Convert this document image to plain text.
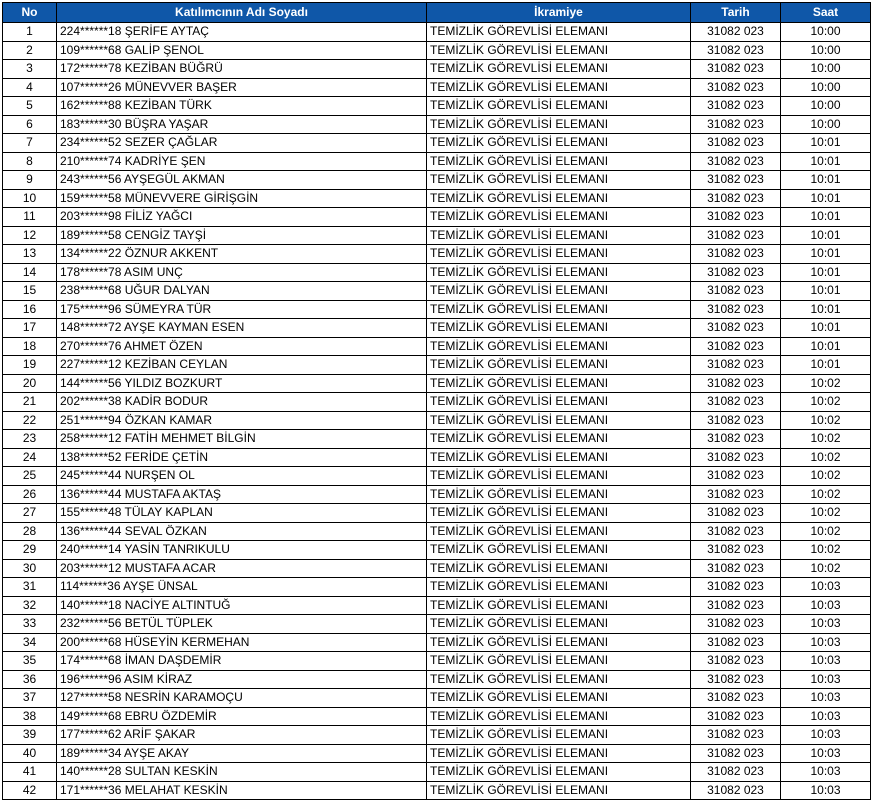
No	Katılımcının Adı Soyadı	İkramiye	Tarih	Saat
1	224******18 ŞERİFE AYTAÇ	TEMİZLİK GÖREVLİSİ ELEMANI	31082 023	10:00
2	109******68 GALİP ŞENOL	TEMİZLİK GÖREVLİSİ ELEMANI	31082 023	10:00
3	172******78 KEZİBAN BÜĞRÜ	TEMİZLİK GÖREVLİSİ ELEMANI	31082 023	10:00
4	107******26 MÜNEVVER BAŞER	TEMİZLİK GÖREVLİSİ ELEMANI	31082 023	10:00
5	162******88 KEZİBAN TÜRK	TEMİZLİK GÖREVLİSİ ELEMANI	31082 023	10:00
6	183******30 BÜŞRA YAŞAR	TEMİZLİK GÖREVLİSİ ELEMANI	31082 023	10:00
7	234******52 SEZER ÇAĞLAR	TEMİZLİK GÖREVLİSİ ELEMANI	31082 023	10:01
8	210******74 KADRİYE ŞEN	TEMİZLİK GÖREVLİSİ ELEMANI	31082 023	10:01
9	243******56 AYŞEGÜL AKMAN	TEMİZLİK GÖREVLİSİ ELEMANI	31082 023	10:01
10	159******58 MÜNEVVERE GİRİŞGİN	TEMİZLİK GÖREVLİSİ ELEMANI	31082 023	10:01
11	203******98 FİLİZ YAĞCI	TEMİZLİK GÖREVLİSİ ELEMANI	31082 023	10:01
12	189******58 CENGİZ TAYŞİ	TEMİZLİK GÖREVLİSİ ELEMANI	31082 023	10:01
13	134******22 ÖZNUR AKKENT	TEMİZLİK GÖREVLİSİ ELEMANI	31082 023	10:01
14	178******78 ASIM UNÇ	TEMİZLİK GÖREVLİSİ ELEMANI	31082 023	10:01
15	238******68 UĞUR DALYAN	TEMİZLİK GÖREVLİSİ ELEMANI	31082 023	10:01
16	175******96 SÜMEYRA TÜR	TEMİZLİK GÖREVLİSİ ELEMANI	31082 023	10:01
17	148******72 AYŞE KAYMAN ESEN	TEMİZLİK GÖREVLİSİ ELEMANI	31082 023	10:01
18	270******76 AHMET ÖZEN	TEMİZLİK GÖREVLİSİ ELEMANI	31082 023	10:01
19	227******12 KEZİBAN CEYLAN	TEMİZLİK GÖREVLİSİ ELEMANI	31082 023	10:01
20	144******56 YILDIZ BOZKURT	TEMİZLİK GÖREVLİSİ ELEMANI	31082 023	10:02
21	202******38 KADİR BODUR	TEMİZLİK GÖREVLİSİ ELEMANI	31082 023	10:02
22	251******94 ÖZKAN KAMAR	TEMİZLİK GÖREVLİSİ ELEMANI	31082 023	10:02
23	258******12 FATİH MEHMET BİLGİN	TEMİZLİK GÖREVLİSİ ELEMANI	31082 023	10:02
24	138******52 FERİDE ÇETİN	TEMİZLİK GÖREVLİSİ ELEMANI	31082 023	10:02
25	245******44 NURŞEN OL	TEMİZLİK GÖREVLİSİ ELEMANI	31082 023	10:02
26	136******44 MUSTAFA AKTAŞ	TEMİZLİK GÖREVLİSİ ELEMANI	31082 023	10:02
27	155******48 TÜLAY KAPLAN	TEMİZLİK GÖREVLİSİ ELEMANI	31082 023	10:02
28	136******44 SEVAL ÖZKAN	TEMİZLİK GÖREVLİSİ ELEMANI	31082 023	10:02
29	240******14 YASİN TANRIKULU	TEMİZLİK GÖREVLİSİ ELEMANI	31082 023	10:02
30	203******12 MUSTAFA ACAR	TEMİZLİK GÖREVLİSİ ELEMANI	31082 023	10:02
31	114******36 AYŞE ÜNSAL	TEMİZLİK GÖREVLİSİ ELEMANI	31082 023	10:03
32	140******18 NACİYE ALTINTUĞ	TEMİZLİK GÖREVLİSİ ELEMANI	31082 023	10:03
33	232******56 BETÜL TÜPLEK	TEMİZLİK GÖREVLİSİ ELEMANI	31082 023	10:03
34	200******68 HÜSEYİN KERMEHAN	TEMİZLİK GÖREVLİSİ ELEMANI	31082 023	10:03
35	174******68 İMAN DAŞDEMİR	TEMİZLİK GÖREVLİSİ ELEMANI	31082 023	10:03
36	196******96 ASIM KİRAZ	TEMİZLİK GÖREVLİSİ ELEMANI	31082 023	10:03
37	127******58 NESRİN KARAMOÇU	TEMİZLİK GÖREVLİSİ ELEMANI	31082 023	10:03
38	149******68 EBRU ÖZDEMİR	TEMİZLİK GÖREVLİSİ ELEMANI	31082 023	10:03
39	177******62 ARİF ŞAKAR	TEMİZLİK GÖREVLİSİ ELEMANI	31082 023	10:03
40	189******34 AYŞE AKAY	TEMİZLİK GÖREVLİSİ ELEMANI	31082 023	10:03
41	140******28 SULTAN KESKİN	TEMİZLİK GÖREVLİSİ ELEMANI	31082 023	10:03
42	171******36 MELAHAT KESKİN	TEMİZLİK GÖREVLİSİ ELEMANI	31082 023	10:03
